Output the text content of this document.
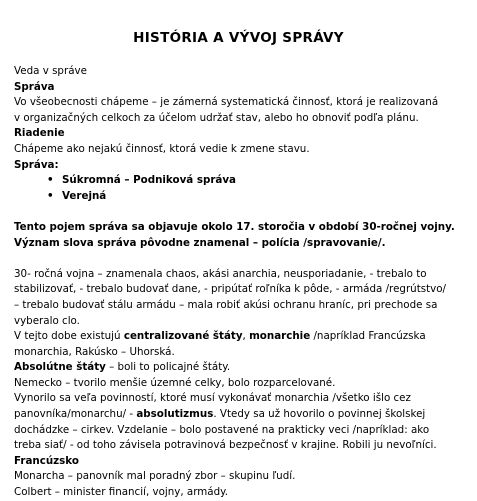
HISTÓRIA A VÝVOJ SPRÁVY

Veda v správe

Správa

Vo všeobecnosti chápeme – je zámerná systematická činnosť, ktorá je realizovaná

v organizačných celkoch za účelom udržať stav, alebo ho obnoviť podľa plánu.

Riadenie

Chápeme ako nejakú činnosť, ktorá vedie k zmene stavu.

Správa:

• Súkromná – Podniková správa
• Verejná

Tento pojem správa sa objavuje okolo 17. storočia v období 30-ročnej vojny.

Význam slova správa pôvodne znamenal – polícia /spravovanie/.

30- ročná vojna – znamenala chaos, akási anarchia, neusporiadanie, - trebalo to

stabilizovať, - trebalo budovať dane, - pripútať roľníka k pôde, - armáda /regrútstvo/

– trebalo budovať stálu armádu – mala robiť akúsi ochranu hraníc, pri prechode sa

vyberalo clo.

V tejto dobe existujú centralizované štáty, monarchie /napríklad Francúzska

monarchia, Rakúsko – Uhorská.

Absolútne štáty – boli to policajné štáty.

Nemecko – tvorilo menšie územné celky, bolo rozparcelované.

Vynorilo sa veľa povinností, ktoré musí vykonávať monarchia /všetko išlo cez

panovníka/monarchu/ - absolutizmus. Vtedy sa už hovorilo o povinnej školskej

dochádzke – cirkev. Vzdelanie – bolo postavené na prakticky veci /napríklad: ako

treba siať/ - od toho závisela potravinová bezpečnosť v krajine. Robili ju nevoľníci.

Francúzsko

Monarcha – panovník mal poradný zbor – skupinu ľudí.

Colbert – minister financií, vojny, armády.
